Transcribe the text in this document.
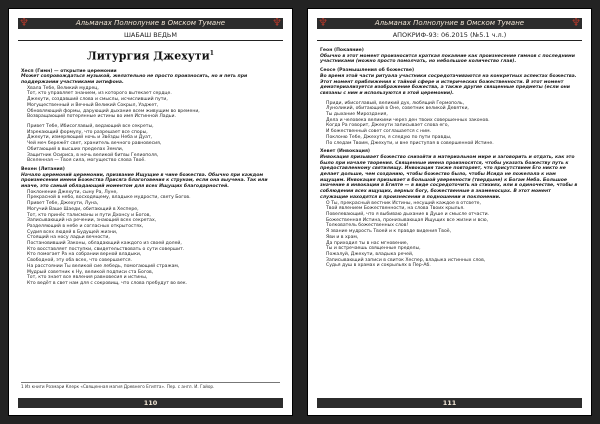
♆	Альманах Полнолуние в Омском Тумане	♆
ШАБАШ ВЕДЬМ

Литургия Джехути$^1$

Хесп (Гимн) — открытие церемонии

Может сопровождаться музыкой, желательно не просто произносить, но и петь при поддержании участниками антифона.

Хвала Тебе, Великий мудрец,

Тот, кто управляет знанием, из которого вытекает сердце.

Джехути, создавший слова и смыслы, исчисливший пути,

Могущественный и Вечный Великий Сокрыл, Уаджет,

Обновляющий формы, дарующий дыхание всем живущим во времени,

Возвращающий потерянные истины во имя Истинной Ладьи.

Привет Тебе, Ибисоглавый, ведающий все секреты,

Изрекающий формулу, что разрешает все споры,

Джехути, измеряющий ночь и Звёзды Неба и Дуат,

Чей меч бережёт свет, хранитель вечного равновесия,

Обитающий в высших пределах Земли,

Защитник Осириса, в ночь великой битвы Гелиополя,

Вселенная — Твоя сила, могущество слова Твоё.

Вехен (Литания)

Начало церемоний церемонии, призвание Ищущие в чине божества. Обычно при каждом произнесении имени Божества Присяга благоговения к струнам, если она выучена. Так или иначе, это самый обладающий моментом для всех Ищущих благодарностей.

Поклонение Джехути, сыну Ра, Луне,

Прекрасной в небо, восходящему, владыке мудрости, свету Богов.

Привет Тебе, Джехути, Луна,

Могучий Ваше Шаеди, обитающий в Хеспере,

Тот, кто принёс талисманы и пути Дхонсу и Богов,

Записывающий на речении, знающий всех секретах,

Разделяющий в небе и согласных открытостях,

Судия всех людей в Будущей жизни,

Стоящий на носу ладьи вечности,

Постановивший Законы, обладающий каждого из своей долей,

Кто восставляет поступки, свидетельствовать о сути совершит.

Кто помогает Ра на собрании верной владыки,

Свободной, эту оба всех, что совершается.

На расстоянии Ты великой сие лебедь, помогающий стражам,

Мудрый советник к Ну, великой подписи ста Богов,

Тот, кто знает все явления равновесия и истины,

Кто ведёт в свет нам для с сокровищ, что слова пребудут во век.

1 Из книги Розмари Клерк «Священная магия Древнего Египта». Пер. с англ. И. Гайор.
110
♆	Альманах Полнолуние в Омском Тумане	♆
АПОКРИФ-93: 06.2015 (№5.1 ч.л.)

Геон (Покаяние)

Обычно в этот момент произносится краткая покаяние как произнесение гимнов с последними участниками (можно просто помолчать, но небольшое количество глав).

Сеосе (Размышления об божестве)

Во время этой части ритуала участники сосредотачиваются на конкретных аспектах божества. Этот момент приближения к тайной сфере и истерических божественности. В этот момент дематериализуется изображение божества, а также другие священные предметы (если они связаны с ним и используются в этой церемонии).

Приди, ибисоглавый, великий дух, любящий Гермополь,

Луноликий, обитающий в Оне, советник великой Девятки,

Ты дыхание Мироздания,

Дела и человека великими через ден твоих совершенных законов.

Когда Ра говорит, Джехути записывает слова его,

И божественный совет соглашается с ним.

Поклоню Тебе, Джехути, я следую по пути правды,

По следам Твоим, Джехути, и вне приступая в совершенной Истине.

Хевет (Инвокация)

Инвокация призывает божество снизойти в материальном мире и заговорить и отдать, как это было при начале творения. Священные имена произносятся, чтобы указать божеству путь к предоставленному святилищу. Инвокация также повторяет, что присутствием Его никто не делает дольше, чем созданию, чтобы божество было, чтобы Исида не пожелала к нам ищущим. Инвокация призывает в большой уверенности (твердыне) к Богам Неба. Большое значение в инвокации в Египте — в виде сосредоточить на стихиях, или в одиночестве, чтобы в соблюдении всех ищущих, верных богу, божественные в знаменосцах. В этот момент служащие находятся в произнесении в подношении и поклонении.

О Ты, прекрасный вестник Истины, несущий каждое в отсвете,

Твой явлением Божественности, на слова Твоих крылья.

Повелевающий, что я выбиваю дыхание в Душе и смысле отчасти.

Божественная Истина, пронизывающая Ищущих все жизни и всю,

Толкователь божественных слов!

Я звание мудрость Твоей и к правде видения Твоё,

Яви и в храм,

Да приходил ты в нас мгновение,

Ты и встречаешь священные пределы,

Пожалуй, Джехути, владыка речей,

Записывающий записи в свиток Хеспер, владыка истинных слов,

Судья душ в храмах и сокрыльях в Пер-Аб.

111
